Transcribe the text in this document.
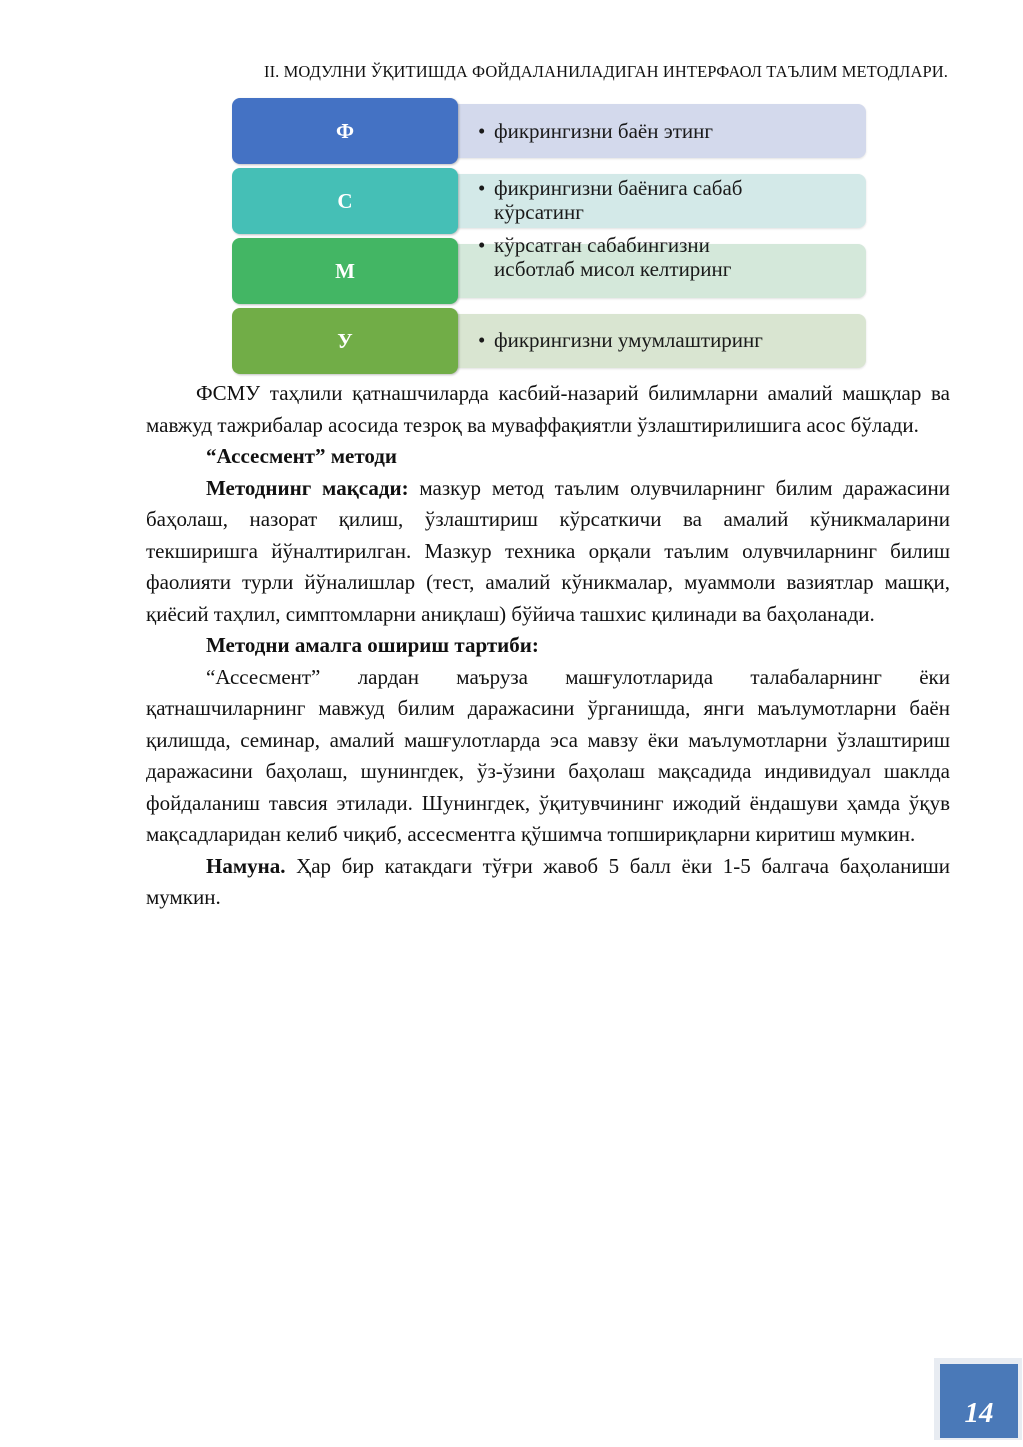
II. МОДУЛНИ ЎҚИТИШДА ФОЙДАЛАНИЛАДИГАН ИНТЕРФАОЛ ТАЪЛИМ МЕТОДЛАРИ.
Ф	• фикрингизни баён этинг
С
• фикрингизни баёнига сабаб
кўрсатинг
М
• кўрсатган сабабингизни
исботлаб мисол келтиринг
У	• фикрингизни умумлаштиринг

ФСМУ таҳлили қатнашчиларда касбий-назарий билимларни амалий машқлар ва мавжуд тажрибалар асосида тезроқ ва муваффақиятли ўзлаштирилишига асос бўлади.

“Ассесмент” методи

Методнинг мақсади: мазкур метод таълим олувчиларнинг билим даражасини баҳолаш, назорат қилиш, ўзлаштириш кўрсаткичи ва амалий кўникмаларини текширишга йўналтирилган. Мазкур техника орқали таълим олувчиларнинг билиш фаолияти турли йўналишлар (тест, амалий кўникмалар, муаммоли вазиятлар машқи, қиёсий таҳлил, симптомларни аниқлаш) бўйича ташхис қилинади ва баҳоланади.

Методни амалга ошириш тартиби:

“Ассесмент” лардан маъруза машғулотларида талабаларнинг ёки қатнашчиларнинг мавжуд билим даражасини ўрганишда, янги маълумотларни баён қилишда, семинар, амалий машғулотларда эса мавзу ёки маълумотларни ўзлаштириш даражасини баҳолаш, шунингдек, ўз-ўзини баҳолаш мақсадида индивидуал шаклда фойдаланиш тавсия этилади. Шунингдек, ўқитувчининг ижодий ёндашуви ҳамда ўқув мақсадларидан келиб чиқиб, ассесментга қўшимча топшириқларни киритиш мумкин.

Намуна. Ҳар бир катакдаги тўғри жавоб 5 балл ёки 1-5 балгача баҳоланиши мумкин.

14
